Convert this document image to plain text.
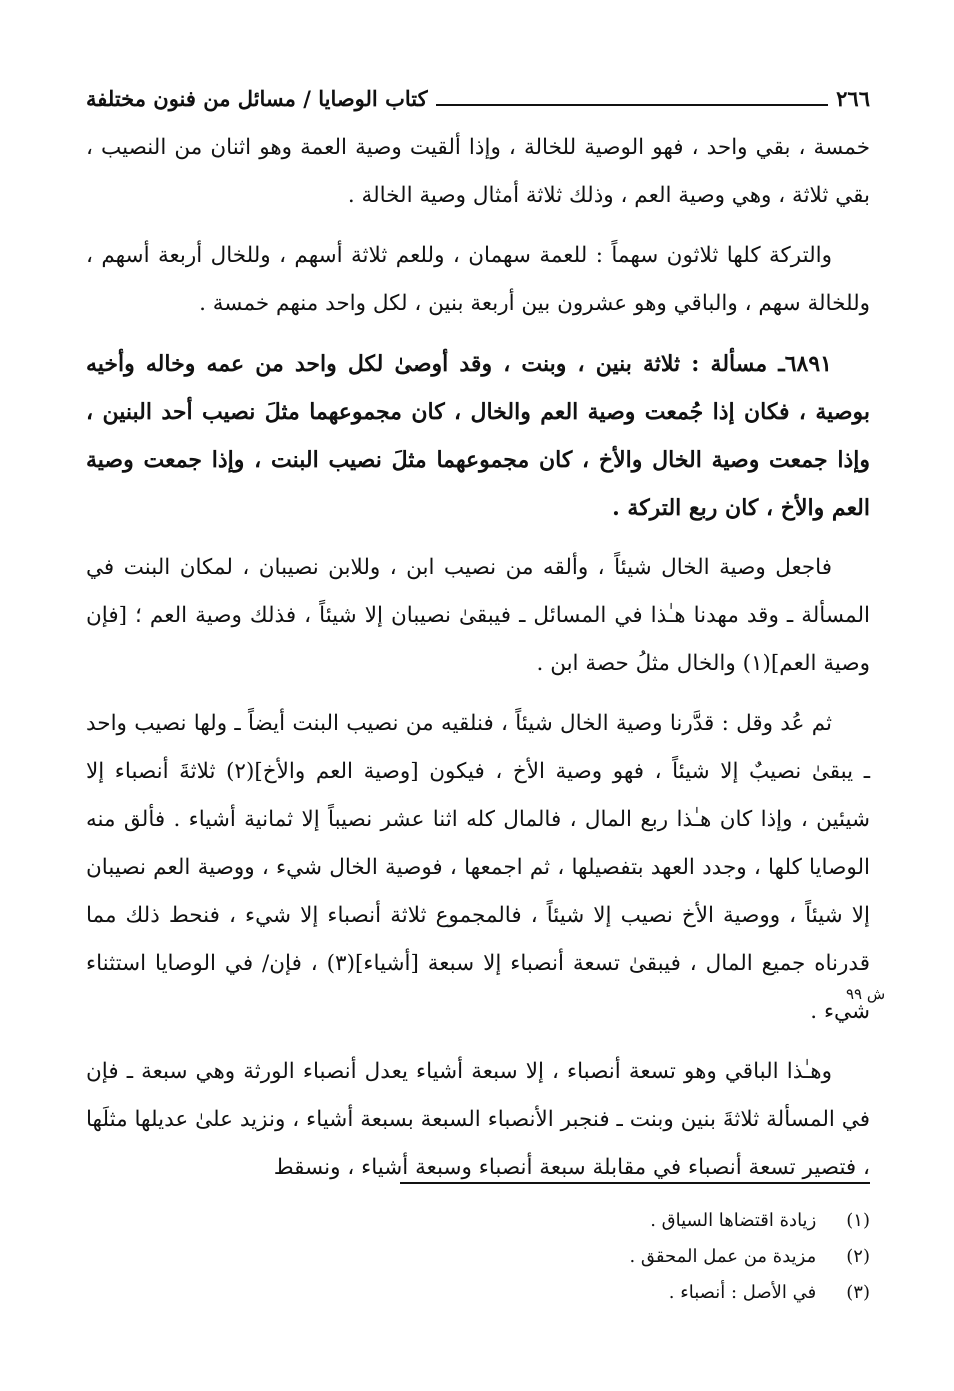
٢٦٦
كتاب الوصايا / مسائل من فنون مختلفة

خمسة ، بقي واحد ، فهو الوصية للخالة ، وإذا ألقيت وصية العمة وهو اثنان من النصيب ، بقي ثلاثة ، وهي وصية العم ، وذلك ثلاثة أمثال وصية الخالة .

والتركة كلها ثلاثون سهماً : للعمة سهمان ، وللعم ثلاثة أسهم ، وللخال أربعة أسهم ، وللخالة سهم ، والباقي وهو عشرون بين أربعة بنين ، لكل واحد منهم خمسة .

٦٨٩١ـ مسألة : ثلاثة بنين ، وبنت ، وقد أوصىٰ لكل واحد من عمه وخاله وأخيه بوصية ، فكان إذا جُمعت وصية العم والخال ، كان مجموعهما مثلَ نصيب أحد البنين ، وإذا جمعت وصية الخال والأخ ، كان مجموعهما مثلَ نصيب البنت ، وإذا جمعت وصية العم والأخ ، كان ربع التركة .

فاجعل وصية الخال شيئاً ، وألقه من نصيب ابن ، وللابن نصيبان ، لمكان البنت في المسألة ـ وقد مهدنا هـٰذا في المسائل ـ فيبقىٰ نصيبان إلا شيئاً ، فذلك وصية العم ؛ [فإن وصية العم](١) والخال مثلُ حصة ابن .

ثم عُد وقل : قدَّرنا وصية الخال شيئاً ، فنلقيه من نصيب البنت أيضاً ـ ولها نصيب واحد ـ يبقىٰ نصيبٌ إلا شيئاً ، فهو وصية الأخ ، فيكون [وصية العم والأخ](٢) ثلاثةَ أنصباء إلا شيئين ، وإذا كان هـٰذا ربع المال ، فالمال كله اثنا عشر نصيباً إلا ثمانية أشياء . فألق منه الوصايا كلها ، وجدد العهد بتفصيلها ، ثم اجمعها ، فوصية الخال شيء ، ووصية العم نصيبان إلا شيئاً ، ووصية الأخ نصيب إلا شيئاً ، فالمجموع ثلاثة أنصباء إلا شيء ، فنحط ذلك مما قدرناه جميع المال ، فيبقىٰ تسعة أنصباء إلا سبعة [أشياء](٣) ، فإن/ في الوصايا استثناء شيء .

وهـٰذا الباقي وهو تسعة أنصباء ، إلا سبعة أشياء يعدل أنصباء الورثة وهي سبعة ـ فإن في المسألة ثلاثةَ بنين وبنت ـ فنجبر الأنصباء السبعة بسبعة أشياء ، ونزيد علىٰ عديلها مثلَها ، فتصير تسعة أنصباء في مقابلة سبعة أنصباء وسبعة أشياء ، ونسقط

ش ٩٩

(١) زيادة اقتضاها السياق .

(٢) مزيدة من عمل المحقق .

(٣) في الأصل : أنصباء .
